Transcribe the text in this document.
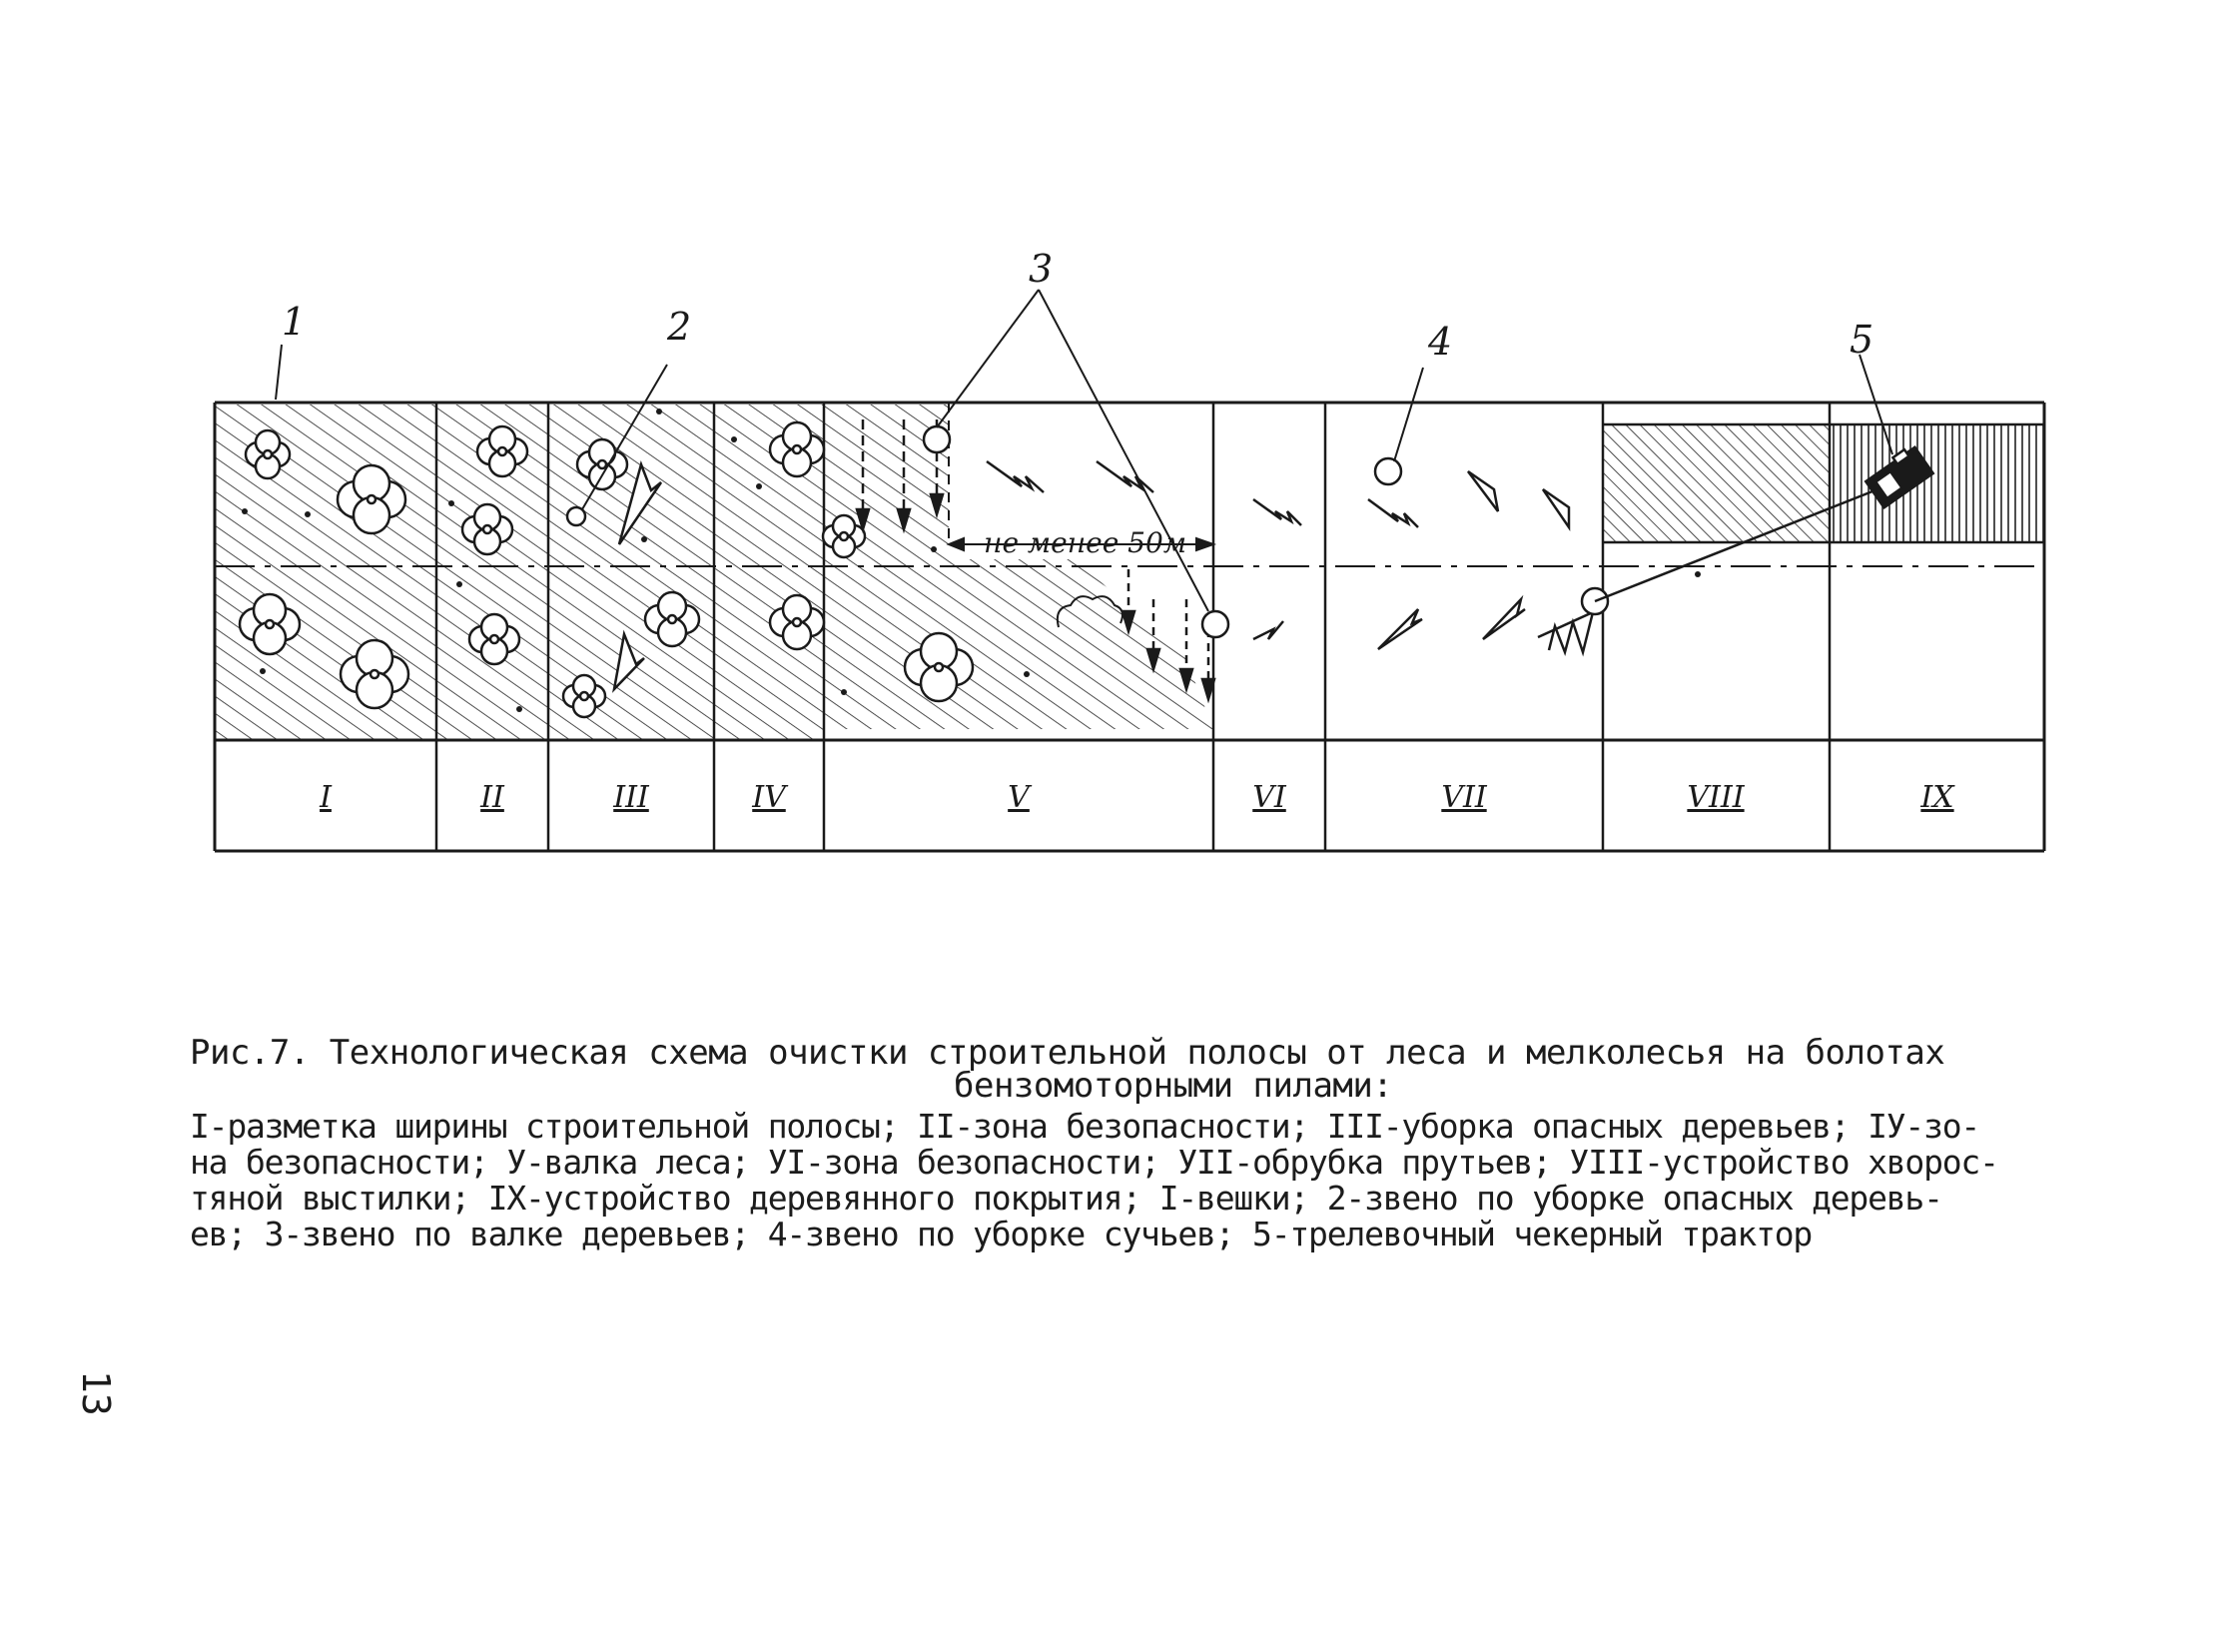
не менее 50м
1	2
3
4	5
I	II	III	IV	V	VI	VII	VIII	IX
Рис.7. Технологическая схема очистки строительной полосы от леса и мелколесья на болотах
бензомоторными пилами:
I-разметка ширины строительной полосы; II-зона безопасности; III-уборка опасных деревьев; IУ-зо-
на безопасности; У-валка леса; УI-зона безопасности; УII-обрубка прутьев; УIII-устройство хворос-
тяной выстилки; IX-устройство деревянного покрытия; I-вешки; 2-звено по уборке опасных деревь-
ев; 3-звено по валке деревьев; 4-звено по уборке сучьев; 5-трелевочный чекерный трактор
13
